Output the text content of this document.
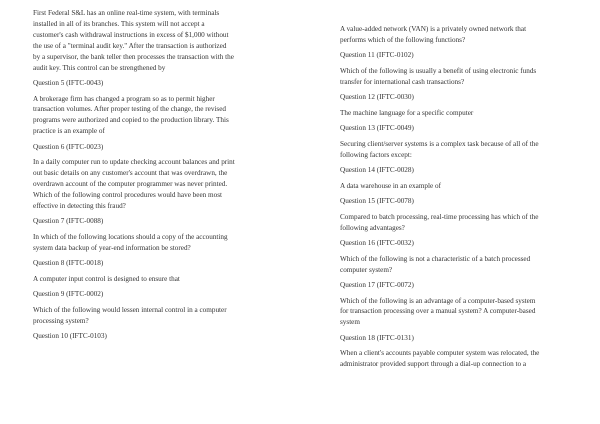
First Federal S&L has an online real-time system, with terminals
installed in all of its branches. This system will not accept a
customer's cash withdrawal instructions in excess of $1,000 without
the use of a "terminal audit key." After the transaction is authorized
by a supervisor, the bank teller then processes the transaction with the
audit key. This control can be strengthened by
Question 5 (IFTC-0043)
A brokerage firm has changed a program so as to permit higher
transaction volumes. After proper testing of the change, the revised
programs were authorized and copied to the production library. This
practice is an example of
Question 6 (IFTC-0023)
In a daily computer run to update checking account balances and print
out basic details on any customer's account that was overdrawn, the
overdrawn account of the computer programmer was never printed.
Which of the following control procedures would have been most
effective in detecting this fraud?
Question 7 (IFTC-0088)
In which of the following locations should a copy of the accounting
system data backup of year-end information be stored?
Question 8 (IFTC-0018)
A computer input control is designed to ensure that
Question 9 (IFTC-0002)
Which of the following would lessen internal control in a computer
processing system?
Question 10 (IFTC-0103)
A value-added network (VAN) is a privately owned network that
performs which of the following functions?
Question 11 (IFTC-0102)
Which of the following is usually a benefit of using electronic funds
transfer for international cash transactions?
Question 12 (IFTC-0030)
The machine language for a specific computer
Question 13 (IFTC-0049)
Securing client/server systems is a complex task because of all of the
following factors except:
Question 14 (IFTC-0028)
A data warehouse in an example of
Question 15 (IFTC-0078)
Compared to batch processing, real-time processing has which of the
following advantages?
Question 16 (IFTC-0032)
Which of the following is not a characteristic of a batch processed
computer system?
Question 17 (IFTC-0072)
Which of the following is an advantage of a computer-based system
for transaction processing over a manual system? A computer-based
system
Question 18 (IFTC-0131)
When a client's accounts payable computer system was relocated, the
administrator provided support through a dial-up connection to a
